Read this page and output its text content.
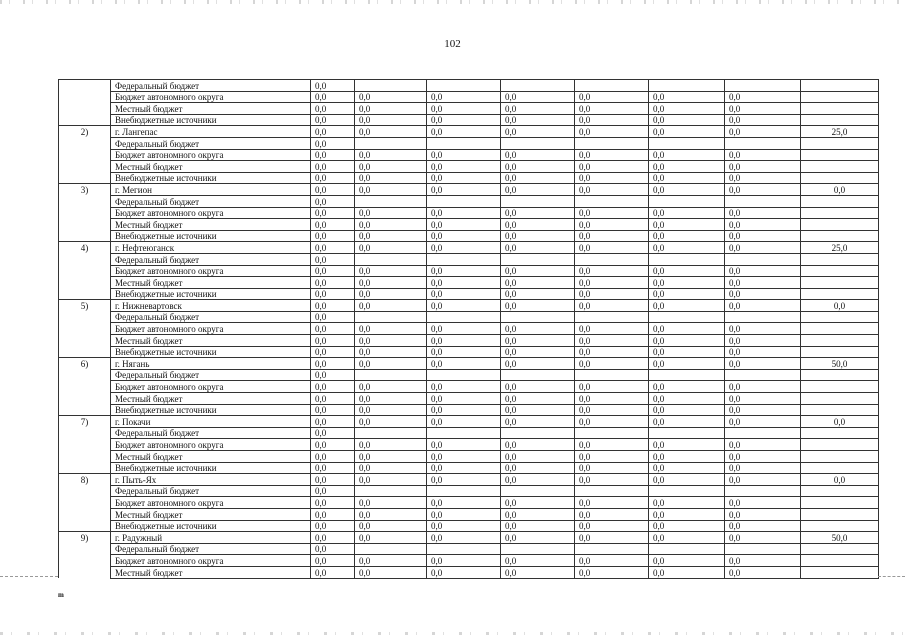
102
	Федеральный бюджет	0,0							
	Бюджет автономного округа	0,0	0,0	0,0	0,0	0,0	0,0	0,0	
	Местный бюджет	0,0	0,0	0,0	0,0	0,0	0,0	0,0	
	Внебюджетные источники	0,0	0,0	0,0	0,0	0,0	0,0	0,0	
2)	г. Лангепас	0,0	0,0	0,0	0,0	0,0	0,0	0,0	25,0
	Федеральный бюджет	0,0							
	Бюджет автономного округа	0,0	0,0	0,0	0,0	0,0	0,0	0,0	
	Местный бюджет	0,0	0,0	0,0	0,0	0,0	0,0	0,0	
	Внебюджетные источники	0,0	0,0	0,0	0,0	0,0	0,0	0,0	
3)	г. Мегион	0,0	0,0	0,0	0,0	0,0	0,0	0,0	0,0
	Федеральный бюджет	0,0							
	Бюджет автономного округа	0,0	0,0	0,0	0,0	0,0	0,0	0,0	
	Местный бюджет	0,0	0,0	0,0	0,0	0,0	0,0	0,0	
	Внебюджетные источники	0,0	0,0	0,0	0,0	0,0	0,0	0,0	
4)	г. Нефтеюганск	0,0	0,0	0,0	0,0	0,0	0,0	0,0	25,0
	Федеральный бюджет	0,0							
	Бюджет автономного округа	0,0	0,0	0,0	0,0	0,0	0,0	0,0	
	Местный бюджет	0,0	0,0	0,0	0,0	0,0	0,0	0,0	
	Внебюджетные источники	0,0	0,0	0,0	0,0	0,0	0,0	0,0	
5)	г. Нижневартовск	0,0	0,0	0,0	0,0	0,0	0,0	0,0	0,0
	Федеральный бюджет	0,0							
	Бюджет автономного округа	0,0	0,0	0,0	0,0	0,0	0,0	0,0	
	Местный бюджет	0,0	0,0	0,0	0,0	0,0	0,0	0,0	
	Внебюджетные источники	0,0	0,0	0,0	0,0	0,0	0,0	0,0	
6)	г. Нягань	0,0	0,0	0,0	0,0	0,0	0,0	0,0	50,0
	Федеральный бюджет	0,0							
	Бюджет автономного округа	0,0	0,0	0,0	0,0	0,0	0,0	0,0	
	Местный бюджет	0,0	0,0	0,0	0,0	0,0	0,0	0,0	
	Внебюджетные источники	0,0	0,0	0,0	0,0	0,0	0,0	0,0	
7)	г. Покачи	0,0	0,0	0,0	0,0	0,0	0,0	0,0	0,0
	Федеральный бюджет	0,0							
	Бюджет автономного округа	0,0	0,0	0,0	0,0	0,0	0,0	0,0	
	Местный бюджет	0,0	0,0	0,0	0,0	0,0	0,0	0,0	
	Внебюджетные источники	0,0	0,0	0,0	0,0	0,0	0,0	0,0	
8)	г. Пыть-Ях	0,0	0,0	0,0	0,0	0,0	0,0	0,0	0,0
	Федеральный бюджет	0,0							
	Бюджет автономного округа	0,0	0,0	0,0	0,0	0,0	0,0	0,0	
	Местный бюджет	0,0	0,0	0,0	0,0	0,0	0,0	0,0	
	Внебюджетные источники	0,0	0,0	0,0	0,0	0,0	0,0	0,0	
9)	г. Радужный	0,0	0,0	0,0	0,0	0,0	0,0	0,0	50,0
	Федеральный бюджет	0,0							
	Бюджет автономного округа	0,0	0,0	0,0	0,0	0,0	0,0	0,0	
	Местный бюджет	0,0	0,0	0,0	0,0	0,0	0,0	0,0	
m
